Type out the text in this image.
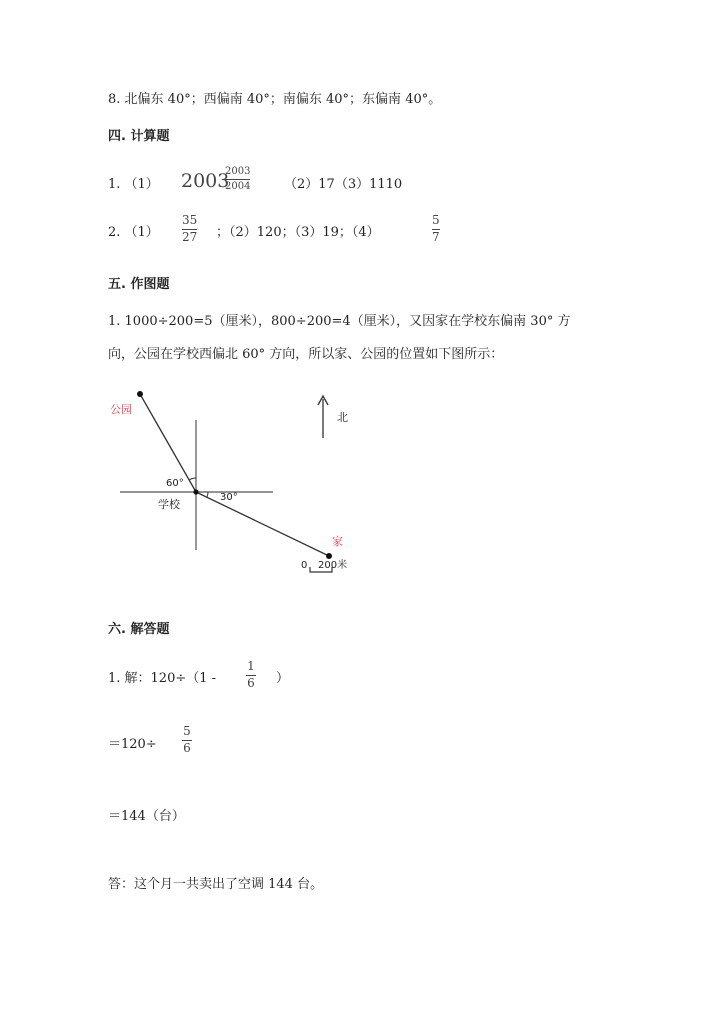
8. 北偏东 40°；西偏南 40°；南偏东 40°；东偏南 40°。
四. 计算题
1. （1） 2003
2003
2004	（2）17（3）1110
2. （1）
35
27 ；（2）120；（3）19；（4）
5
7
五. 作图题
1. 1000÷200=5（厘米），800÷200=4（厘米），又因家在学校东偏南 30° 方
向，公园在学校西偏北 60° 方向，所以家、公园的位置如下图所示：
公园
学校
家
60°
30°
北
0 200米
六. 解答题
1. 解：120÷（1 -
1
6 ）
＝120÷
5
6
＝144（台）
答：这个月一共卖出了空调 144 台。
